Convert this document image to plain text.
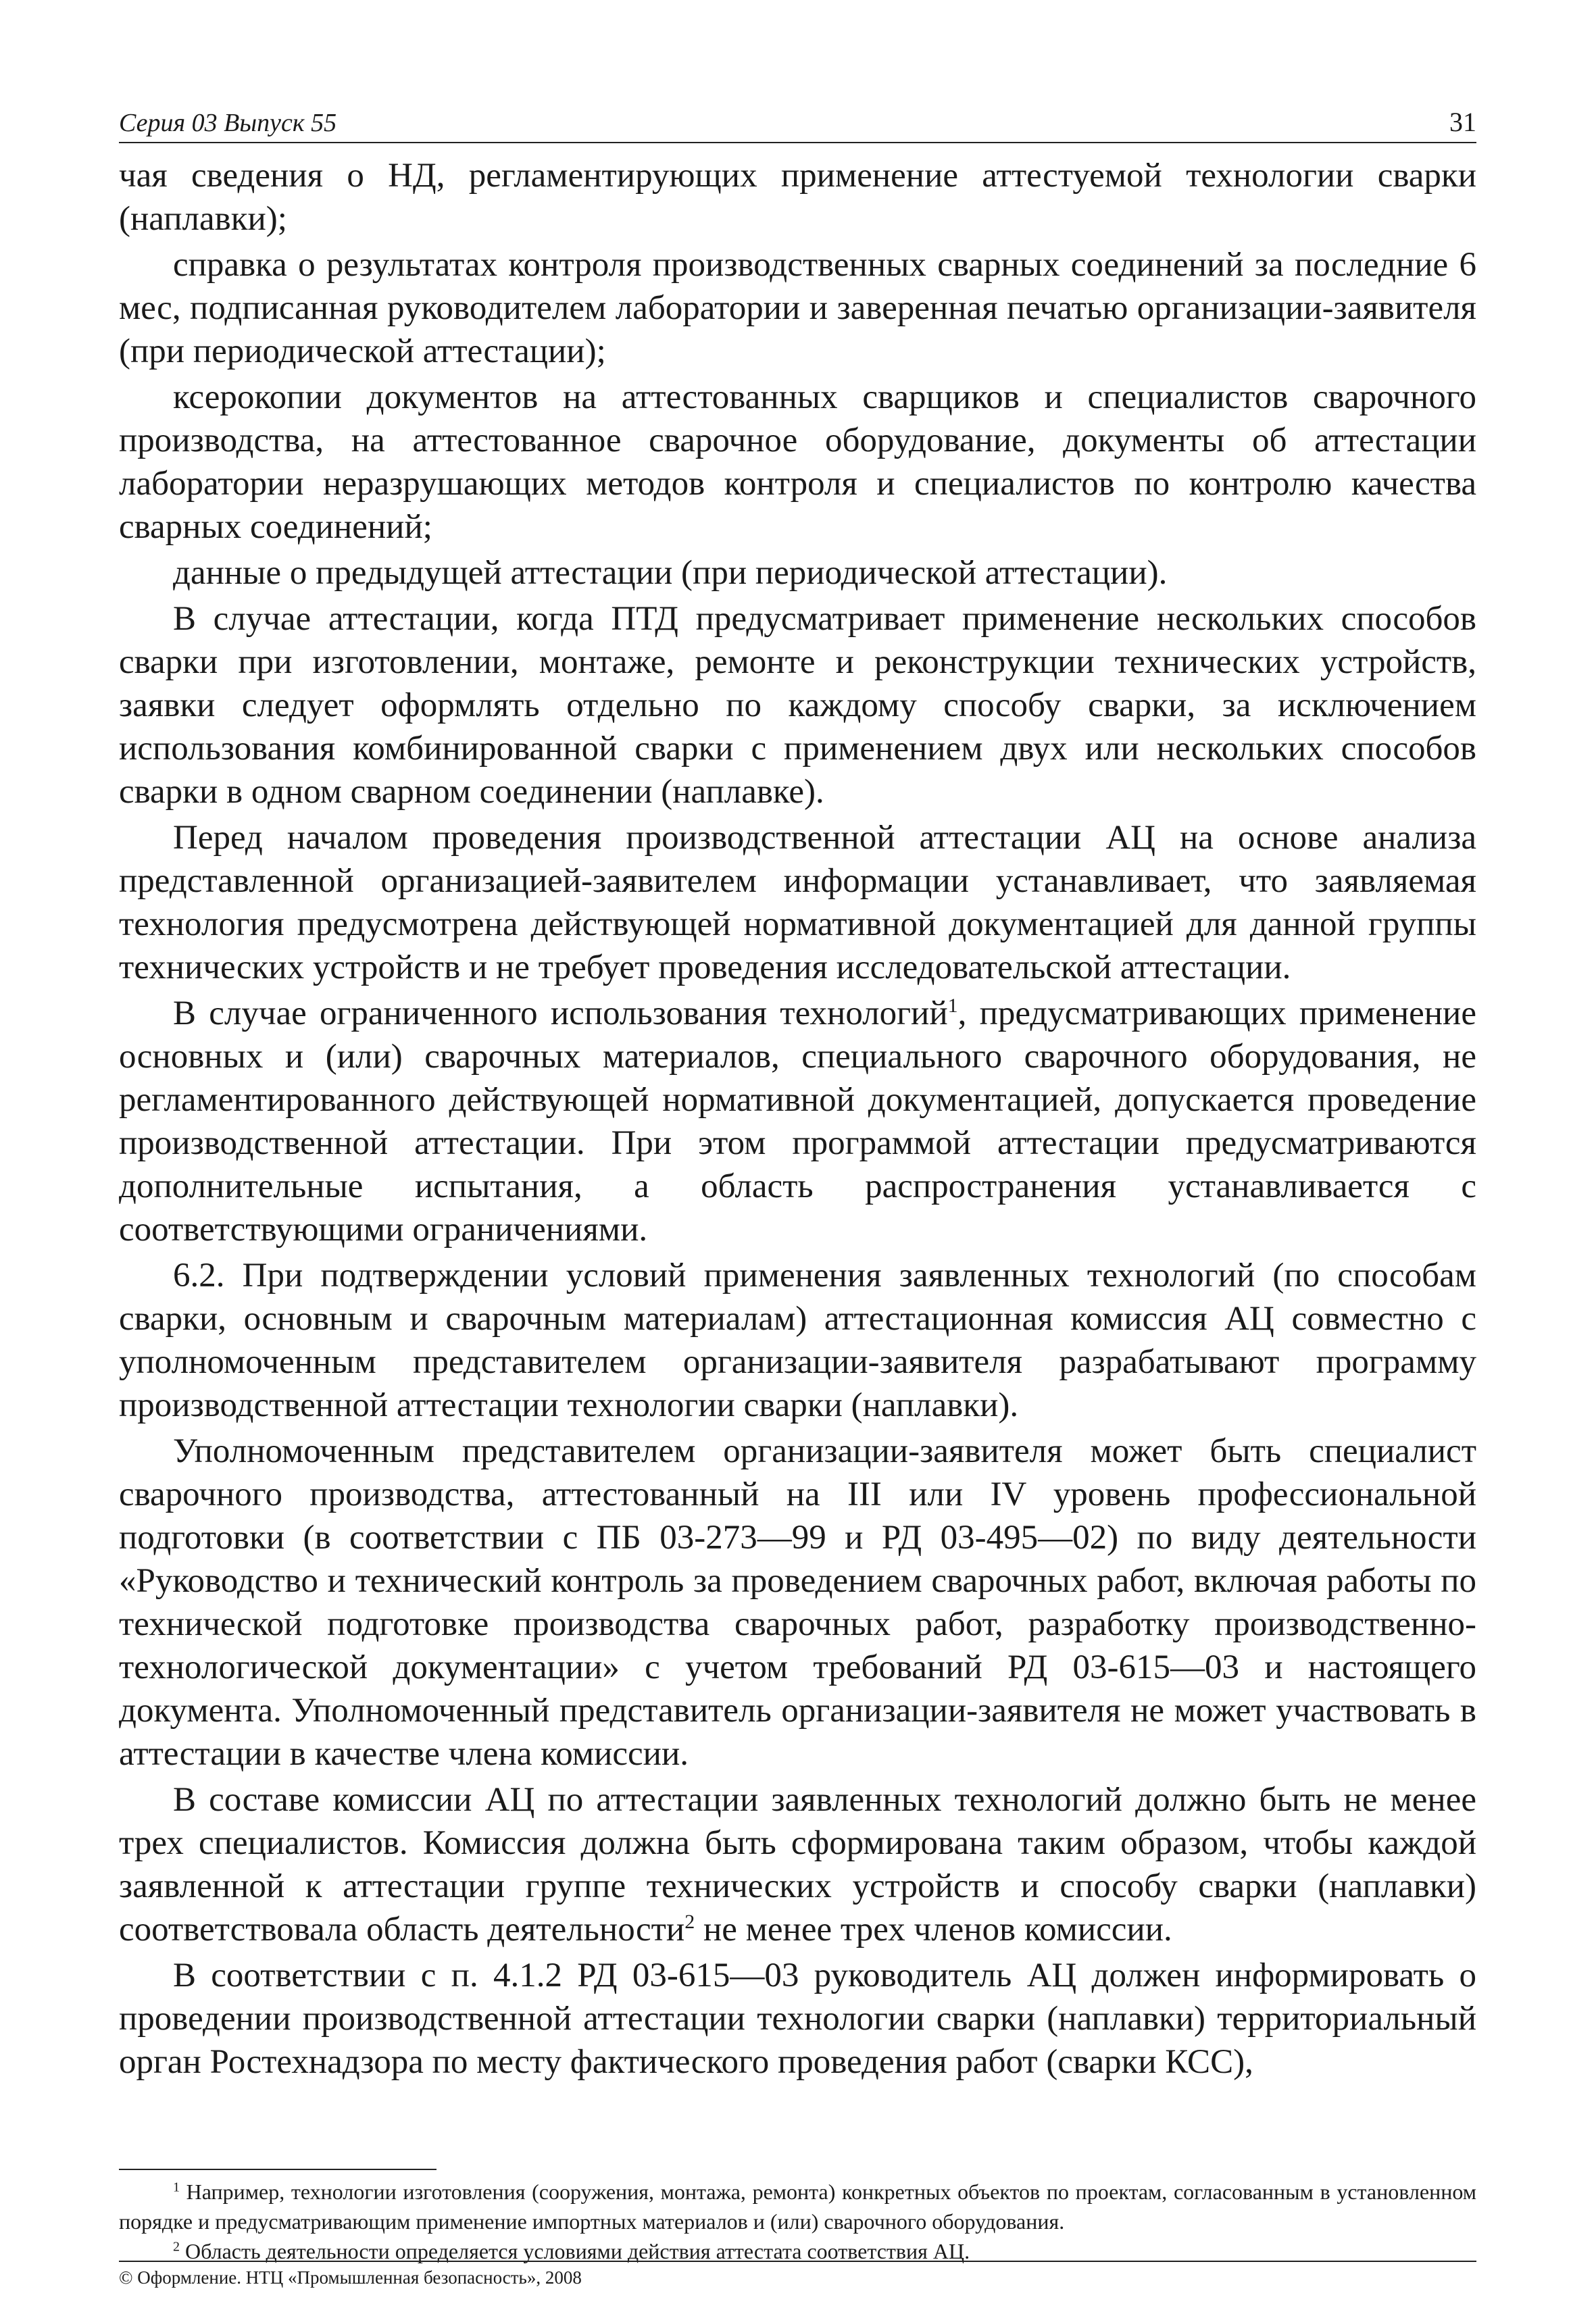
Серия 03 Выпуск 55	31

чая сведения о НД, регламентирующих применение аттестуемой технологии сварки (наплавки);

справка о результатах контроля производственных сварных соединений за последние 6 мес, подписанная руководителем лаборатории и заверенная печатью организации-заявителя (при периодической аттестации);

ксерокопии документов на аттестованных сварщиков и специалистов сварочного производства, на аттестованное сварочное оборудование, документы об аттестации лаборатории неразрушающих методов контроля и специалистов по контролю качества сварных соединений;

данные о предыдущей аттестации (при периодической аттестации).

В случае аттестации, когда ПТД предусматривает применение нескольких способов сварки при изготовлении, монтаже, ремонте и реконструкции технических устройств, заявки следует оформлять отдельно по каждому способу сварки, за исключением использования комбинированной сварки с применением двух или нескольких способов сварки в одном сварном соединении (наплавке).

Перед началом проведения производственной аттестации АЦ на основе анализа представленной организацией-заявителем информации устанавливает, что заявляемая технология предусмотрена действующей нормативной документацией для данной группы технических устройств и не требует проведения исследовательской аттестации.

В случае ограниченного использования технологий$^1$, предусматривающих применение основных и (или) сварочных материалов, специального сварочного оборудования, не регламентированного действующей нормативной документацией, допускается проведение производственной аттестации. При этом программой аттестации предусматриваются дополнительные испытания, а область распространения устанавливается с соответствующими ограничениями.

6.2. При подтверждении условий применения заявленных технологий (по способам сварки, основным и сварочным материалам) аттестационная комиссия АЦ совместно с уполномоченным представителем организации-заявителя разрабатывают программу производственной аттестации технологии сварки (наплавки).

Уполномоченным представителем организации-заявителя может быть специалист сварочного производства, аттестованный на III или IV уровень профессиональной подготовки (в соответствии с ПБ 03-273—99 и РД 03-495—02) по виду деятельности «Руководство и технический контроль за проведением сварочных работ, включая работы по технической подготовке производства сварочных работ, разработку производственно-технологической документации» с учетом требований РД 03-615—03 и настоящего документа. Уполномоченный представитель организации-заявителя не может участвовать в аттестации в качестве члена комиссии.

В составе комиссии АЦ по аттестации заявленных технологий должно быть не менее трех специалистов. Комиссия должна быть сформирована таким образом, чтобы каждой заявленной к аттестации группе технических устройств и способу сварки (наплавки) соответствовала область деятельности$^2$ не менее трех членов комиссии.

В соответствии с п. 4.1.2 РД 03-615—03 руководитель АЦ должен информировать о проведении производственной аттестации технологии сварки (наплавки) территориальный орган Ростехнадзора по месту фактического проведения работ (сварки КСС),

$^1$ Например, технологии изготовления (сооружения, монтажа, ремонта) конкретных объектов по проектам, согласованным в установленном порядке и предусматривающим применение импортных материалов и (или) сварочного оборудования.

$^2$ Область деятельности определяется условиями действия аттестата соответствия АЦ.

© Оформление. НТЦ «Промышленная безопасность», 2008
